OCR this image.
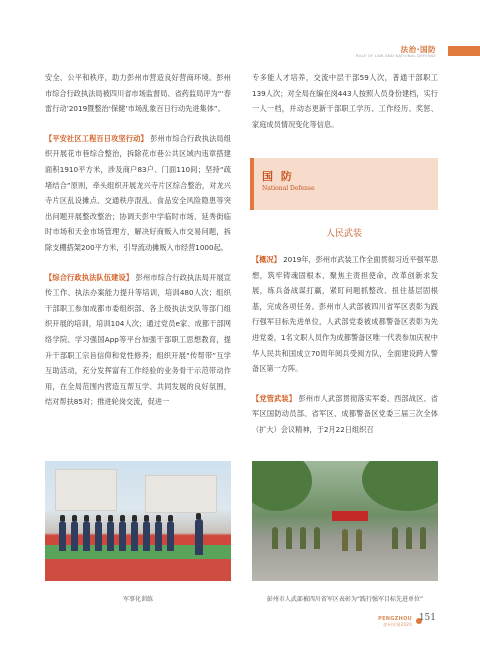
法治·国防
RULE OF LAW AND NATIONAL DEFENSE

安全、公平和秩序，助力彭州市营造良好营商环境。彭州市综合行政执法局被四川省市场监督局、省药监局评为“‘春雷行动’2019暨整治‘保健’市场乱象百日行动先进集体”。

【平安社区工程百日攻坚行动】 彭州市综合行政执法局组织开展花市巷综合整治，拆除花市巷公共区域内违章搭建面积1910平方米，涉及商户83户、门面110间；坚持“疏堵结合”原则，牵头组织开展龙兴寺片区综合整治，对龙兴寺片区乱设摊点、交通秩序混乱、食品安全风险隐患等突出问题开展整改整治；协调天彭中学临时市场、延秀街临时市场和天金市场管理方，解决好商贩入市交易问题，拆除支棚搭架200平方米，引导流动摊贩入市经营1000起。

【综合行政执法队伍建设】 彭州市综合行政执法局开展宣传工作、执法办案能力提升等培训，培训480人次；组织干部职工参加成都市委组织部、各上级执法支队等部门组织开展的培训，培训104人次；通过党员e家、成都干部网络学院、学习强国App等平台加强干部职工思想教育，提升干部职工宗旨信仰和党性修养；组织开展“传帮带”互学互助活动，充分发挥富有工作经验的业务骨干示范带动作用，在全局范围内营造互帮互学、共同发展的良好氛围，结对帮扶85对；推进轮岗交流，促进一

专多能人才培养，交流中层干部59人次，普通干部职工139人次；对全局在编在岗443人按照人员身份建档，实行一人一档，并动态更新干部职工学历、工作经历、奖惩、家庭成员情况变化等信息。

国 防
National Defense
人民武装

【概况】 2019年，彭州市武装工作全面贯彻习近平强军思想，筑牢铸魂固根本、聚焦主责担使命，改革创新求发展，练兵备战谋打赢，紧盯问题抓整改、扭住基层固根基，完成各项任务。彭州市人武部被四川省军区表彰为践行强军目标先进单位，人武部党委被成都警备区表彰为先进党委，1名文职人员作为成都警备区唯一代表参加庆祝中华人民共和国成立70周年阅兵受阅方队，全面建设跨入警备区第一方阵。

【党管武装】 彭州市人武部贯彻落实军委、西部战区、省军区国防动员部、省军区、成都警备区党委三届三次全体（扩大）会议精神，于2月22日组织召

军事化训练	彭州市人武部被四川省军区表彰为“践行强军目标先进单位”
PENGZHOU
彭州年鉴2020
151
